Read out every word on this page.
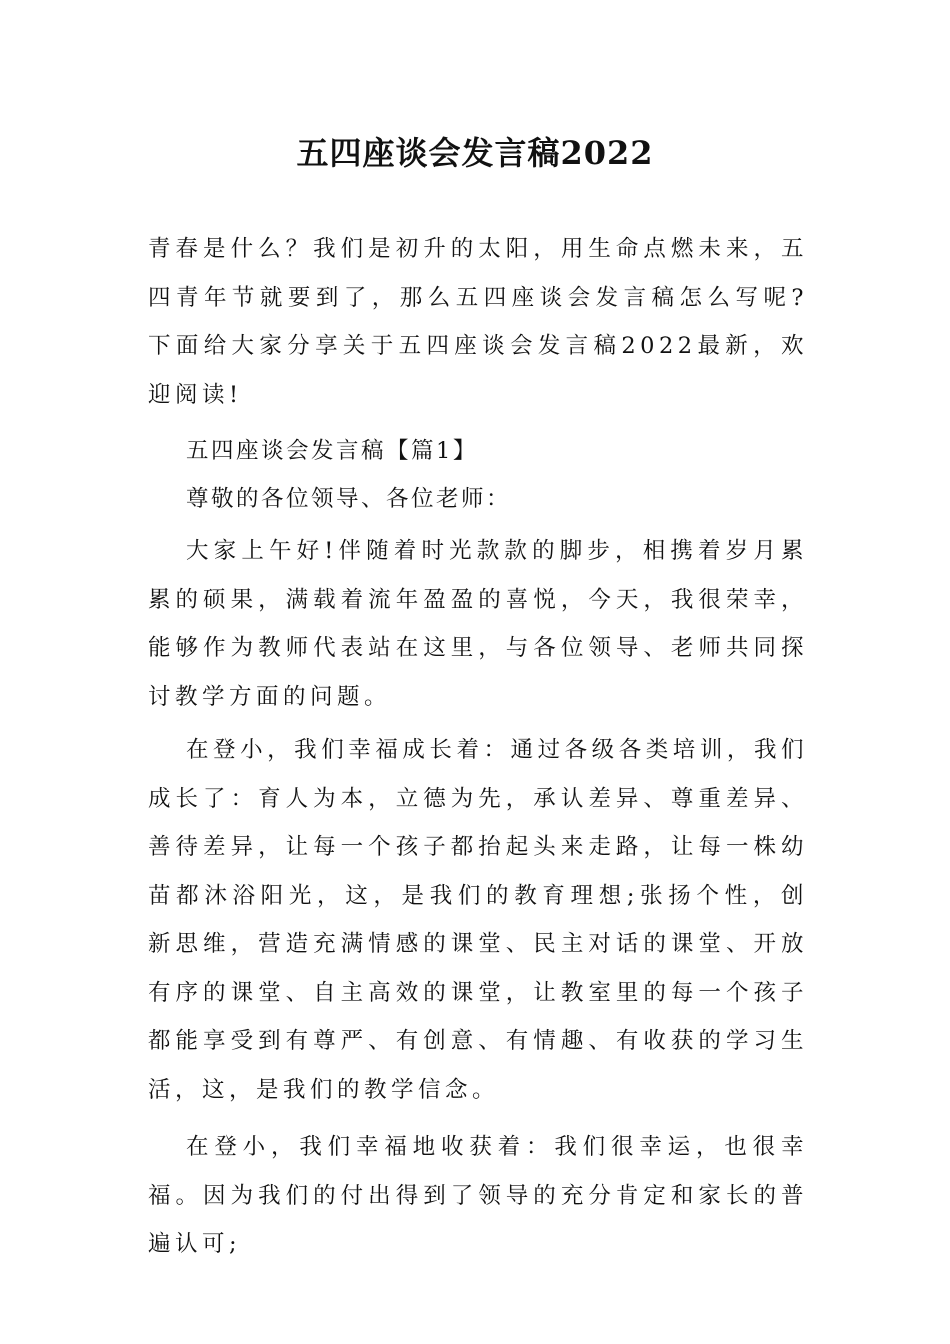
五四座谈会发言稿2022

青春是什么？我们是初升的太阳，用生命点燃未来，五四青年节就要到了，那么五四座谈会发言稿怎么写呢?下面给大家分享关于五四座谈会发言稿2022最新，欢迎阅读!

五四座谈会发言稿【篇1】

尊敬的各位领导、各位老师：

大家上午好!伴随着时光款款的脚步，相携着岁月累累的硕果，满载着流年盈盈的喜悦，今天，我很荣幸，能够作为教师代表站在这里，与各位领导、老师共同探讨教学方面的问题。

在登小，我们幸福成长着：通过各级各类培训，我们成长了：育人为本，立德为先，承认差异、尊重差异、善待差异，让每一个孩子都抬起头来走路，让每一株幼苗都沐浴阳光，这，是我们的教育理想;张扬个性，创新思维，营造充满情感的课堂、民主对话的课堂、开放有序的课堂、自主高效的课堂，让教室里的每一个孩子都能享受到有尊严、有创意、有情趣、有收获的学习生活，这，是我们的教学信念。

在登小，我们幸福地收获着：我们很幸运，也很幸福。因为我们的付出得到了领导的充分肯定和家长的普遍认可;
